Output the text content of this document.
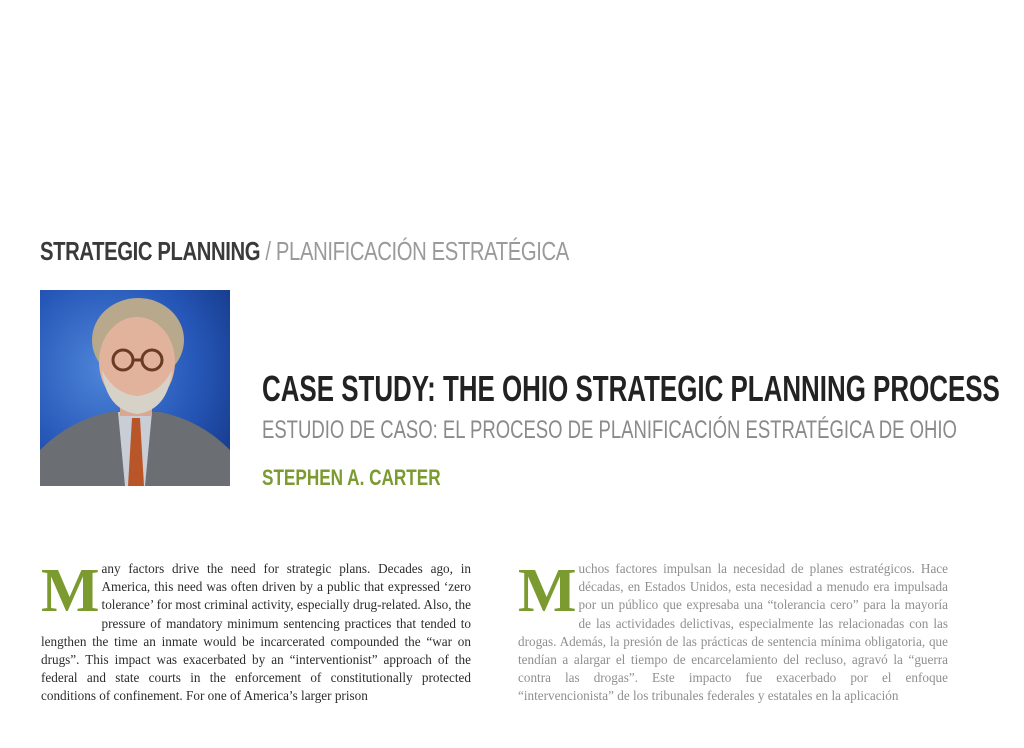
STRATEGIC PLANNING / PLANIFICACIÓN ESTRATÉGICA
CASE STUDY: THE OHIO STRATEGIC PLANNING PROCESS
ESTUDIO DE CASO: EL PROCESO DE PLANIFICACIÓN ESTRATÉGICA DE OHIO
STEPHEN A. CARTER
Many factors drive the need for strategic plans. Decades ago, in America, this need was often driven by a public that expressed ‘zero tolerance’ for most criminal activity, especially drug-related. Also, the pressure of mandatory minimum sentencing practices that tended to lengthen the time an inmate would be incarcerated compounded the “war on drugs”. This impact was exacerbated by an “interventionist” approach of the federal and state courts in the enforcement of constitutionally protected conditions of confinement. For one of America’s larger prison
Muchos factores impulsan la necesidad de planes estratégicos. Hace décadas, en Estados Unidos, esta necesidad a menudo era impulsada por un público que expresaba una “tolerancia cero” para la mayoría de las actividades delictivas, especialmente las relacionadas con las drogas. Además, la presión de las prácticas de sentencia mínima obligatoria, que tendían a alargar el tiempo de encarcelamiento del recluso, agravó la “guerra contra las drogas”. Este impacto fue exacerbado por el enfoque “intervencionista” de los tribunales federales y estatales en la aplicación
